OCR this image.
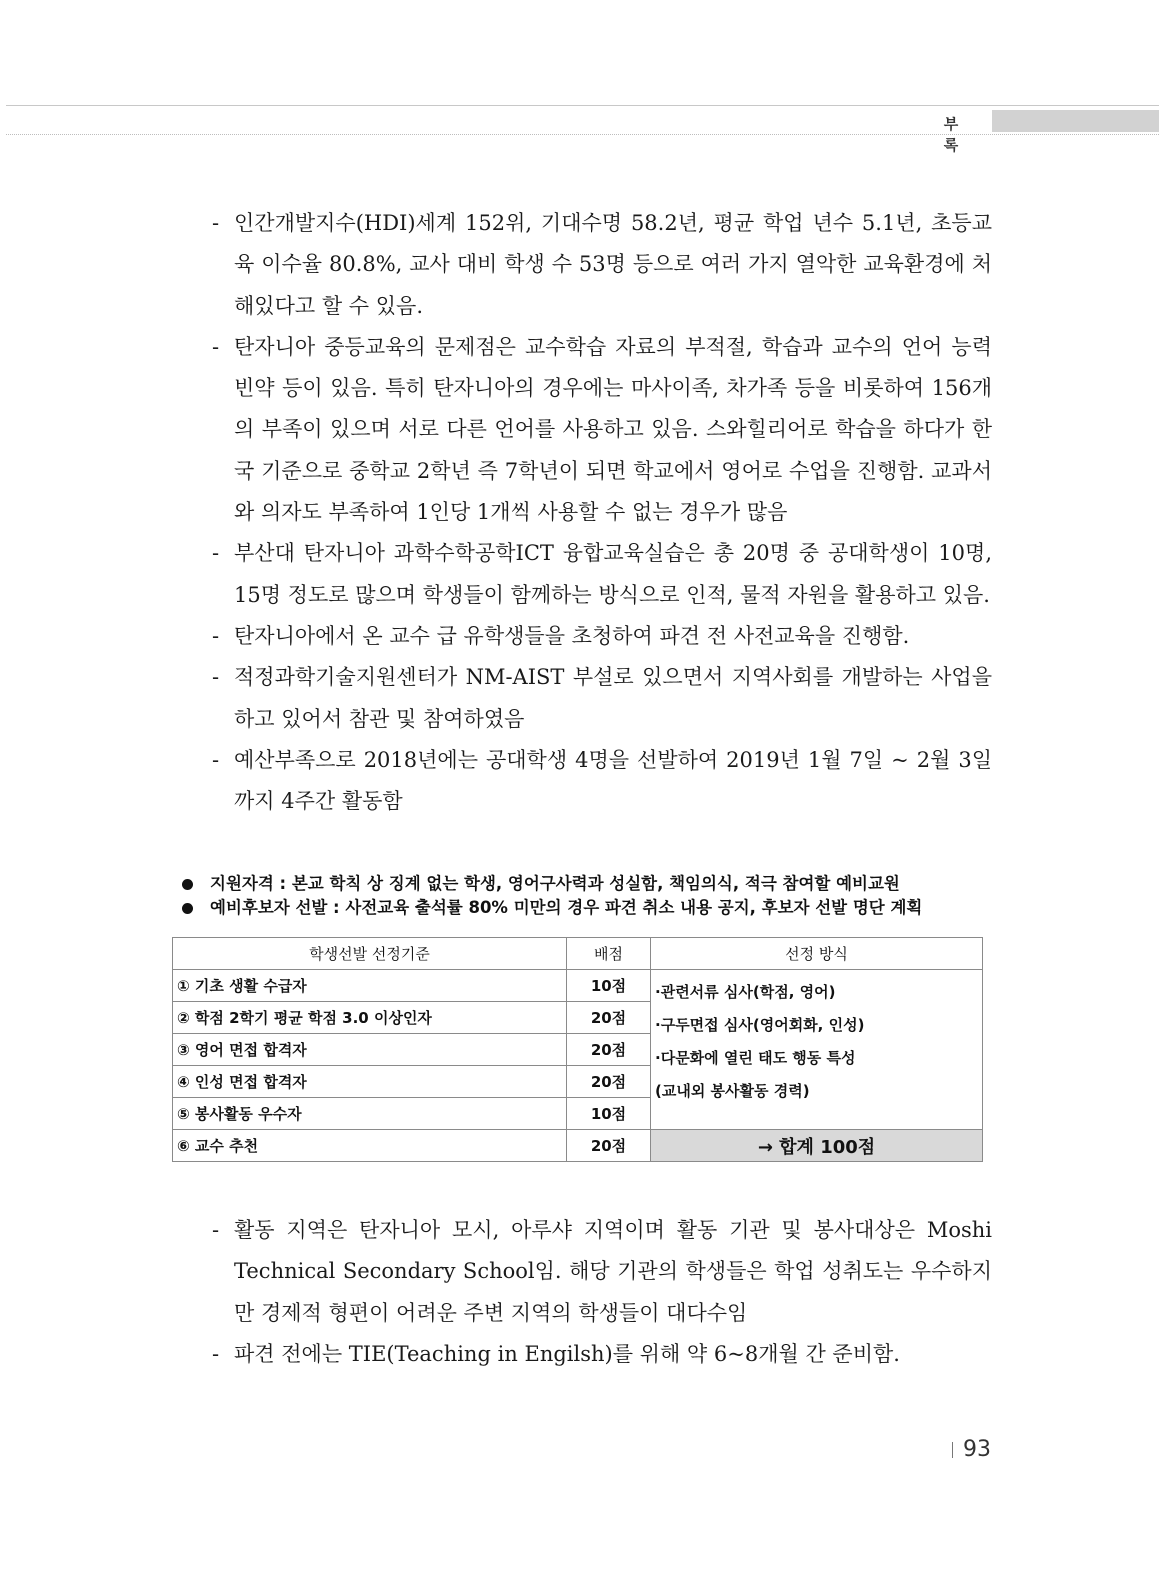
부 록

- 인간개발지수(HDI)세계 152위, 기대수명 58.2년, 평균 학업 년수 5.1년, 초등교육 이수율 80.8%, 교사 대비 학생 수 53명 등으로 여러 가지 열악한 교육환경에 처해있다고 할 수 있음.

- 탄자니아 중등교육의 문제점은 교수학습 자료의 부적절, 학습과 교수의 언어 능력 빈약 등이 있음. 특히 탄자니아의 경우에는 마사이족, 차가족 등을 비롯하여 156개의 부족이 있으며 서로 다른 언어를 사용하고 있음. 스와힐리어로 학습을 하다가 한국 기준으로 중학교 2학년 즉 7학년이 되면 학교에서 영어로 수업을 진행함. 교과서와 의자도 부족하여 1인당 1개씩 사용할 수 없는 경우가 많음

- 부산대 탄자니아 과학수학공학ICT 융합교육실습은 총 20명 중 공대학생이 10명, 15명 정도로 많으며 학생들이 함께하는 방식으로 인적, 물적 자원을 활용하고 있음.

- 탄자니아에서 온 교수 급 유학생들을 초청하여 파견 전 사전교육을 진행함.

- 적정과학기술지원센터가 NM-AIST 부설로 있으면서 지역사회를 개발하는 사업을 하고 있어서 참관 및 참여하였음

- 예산부족으로 2018년에는 공대학생 4명을 선발하여 2019년 1월 7일 ~ 2월 3일까지 4주간 활동함

지원자격 : 본교 학칙 상 징계 없는 학생, 영어구사력과 성실함, 책임의식, 적극 참여할 예비교원
예비후보자 선발 : 사전교육 출석률 80% 미만의 경우 파견 취소 내용 공지, 후보자 선발 명단 계획
학생선발 선정기준	배점	선정 방식
① 기초 생활 수급자	10점	·관련서류 심사(학점, 영어)
·구두면접 심사(영어회화, 인성)
·다문화에 열린 태도 행동 특성
(교내외 봉사활동 경력)

② 학점 2학기 평균 학점 3.0 이상인자	20점	
③ 영어 면접 합격자	20점	
④ 인성 면접 합격자	20점	
⑤ 봉사활동 우수자	10점	
⑥ 교수 추천	20점	→ 합계 100점

- 활동 지역은 탄자니아 모시, 아루샤 지역이며 활동 기관 및 봉사대상은 Moshi Technical Secondary School임. 해당 기관의 학생들은 학업 성취도는 우수하지만 경제적 형편이 어려운 주변 지역의 학생들이 대다수임

- 파견 전에는 TIE(Teaching in Engilsh)를 위해 약 6~8개월 간 준비함.

93
